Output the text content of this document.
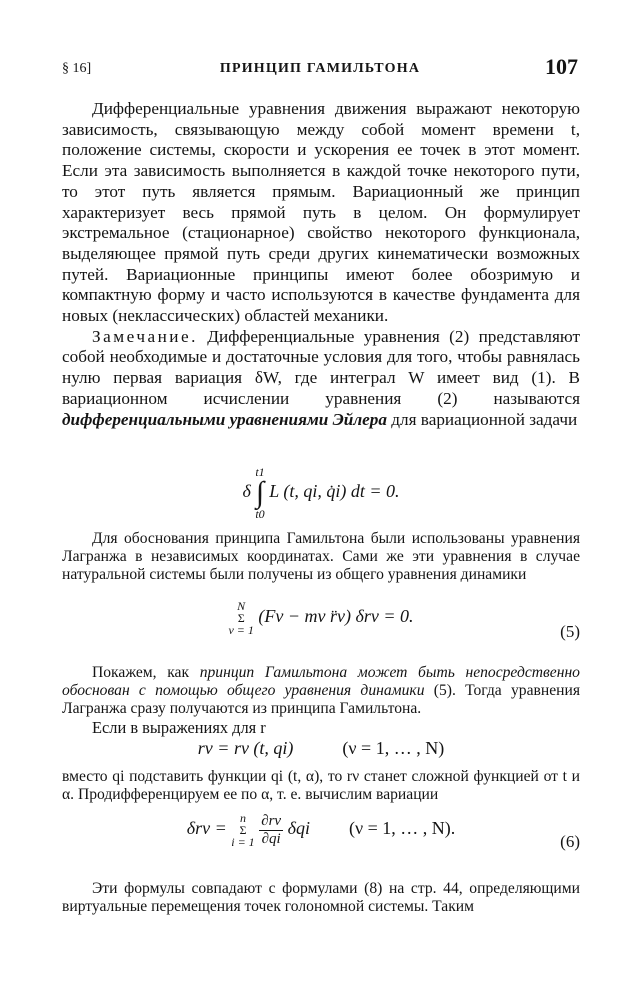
§ 16]	ПРИНЦИП ГАМИЛЬТОНА	107

Дифференциальные уравнения движения выражают некоторую зависимость, связывающую между собой момент времени t, положение системы, скорости и ускорения ее точек в этот момент. Если эта зависимость выполняется в каждой точке некоторого пути, то этот путь является прямым. Вариационный же принцип характеризует весь прямой путь в целом. Он формулирует экстремальное (стационарное) свойство некоторого функционала, выделяющее прямой путь среди других кинематически возможных путей. Вариационные принципы имеют более обозримую и компактную форму и часто используются в качестве фундамента для новых (неклассических) областей механики.

Замечание. Дифференциальные уравнения (2) представляют собой необходимые и достаточные условия для того, чтобы равнялась нулю первая вариация δW, где интеграл W имеет вид (1). В вариационном исчислении уравнения (2) называются дифференциальными уравнениями Эйлера для вариационной задачи

δ
t1
∫
t0
L (t, qi, q̇i) dt = 0.

Для обоснования принципа Гамильтона были использованы уравнения Лагранжа в независимых координатах. Сами же эти уравнения в случае натуральной системы были получены из общего уравнения динамики

N
Σ
ν = 1
(Fν − mν r̈ν) δrν = 0.
(5)

Покажем, как принцип Гамильтона может быть непосредственно обоснован с помощью общего уравнения динамики (5). Тогда уравнения Лагранжа сразу получаются из принципа Гамильтона.

Если в выражениях для r

rν = rν (t, qi)	(ν = 1, … , N)

вместо qi подставить функции qi (t, α), то rν станет сложной функцией от t и α. Продифференцируем ее по α, т. е. вычислим вариации

δrν =
n
Σ
i = 1
$\frac{\partial r\nu}{\partial qi}$ δqi (ν = 1, … , N).
(6)

Эти формулы совпадают с формулами (8) на стр. 44, определяющими виртуальные перемещения точек голономной системы. Таким
